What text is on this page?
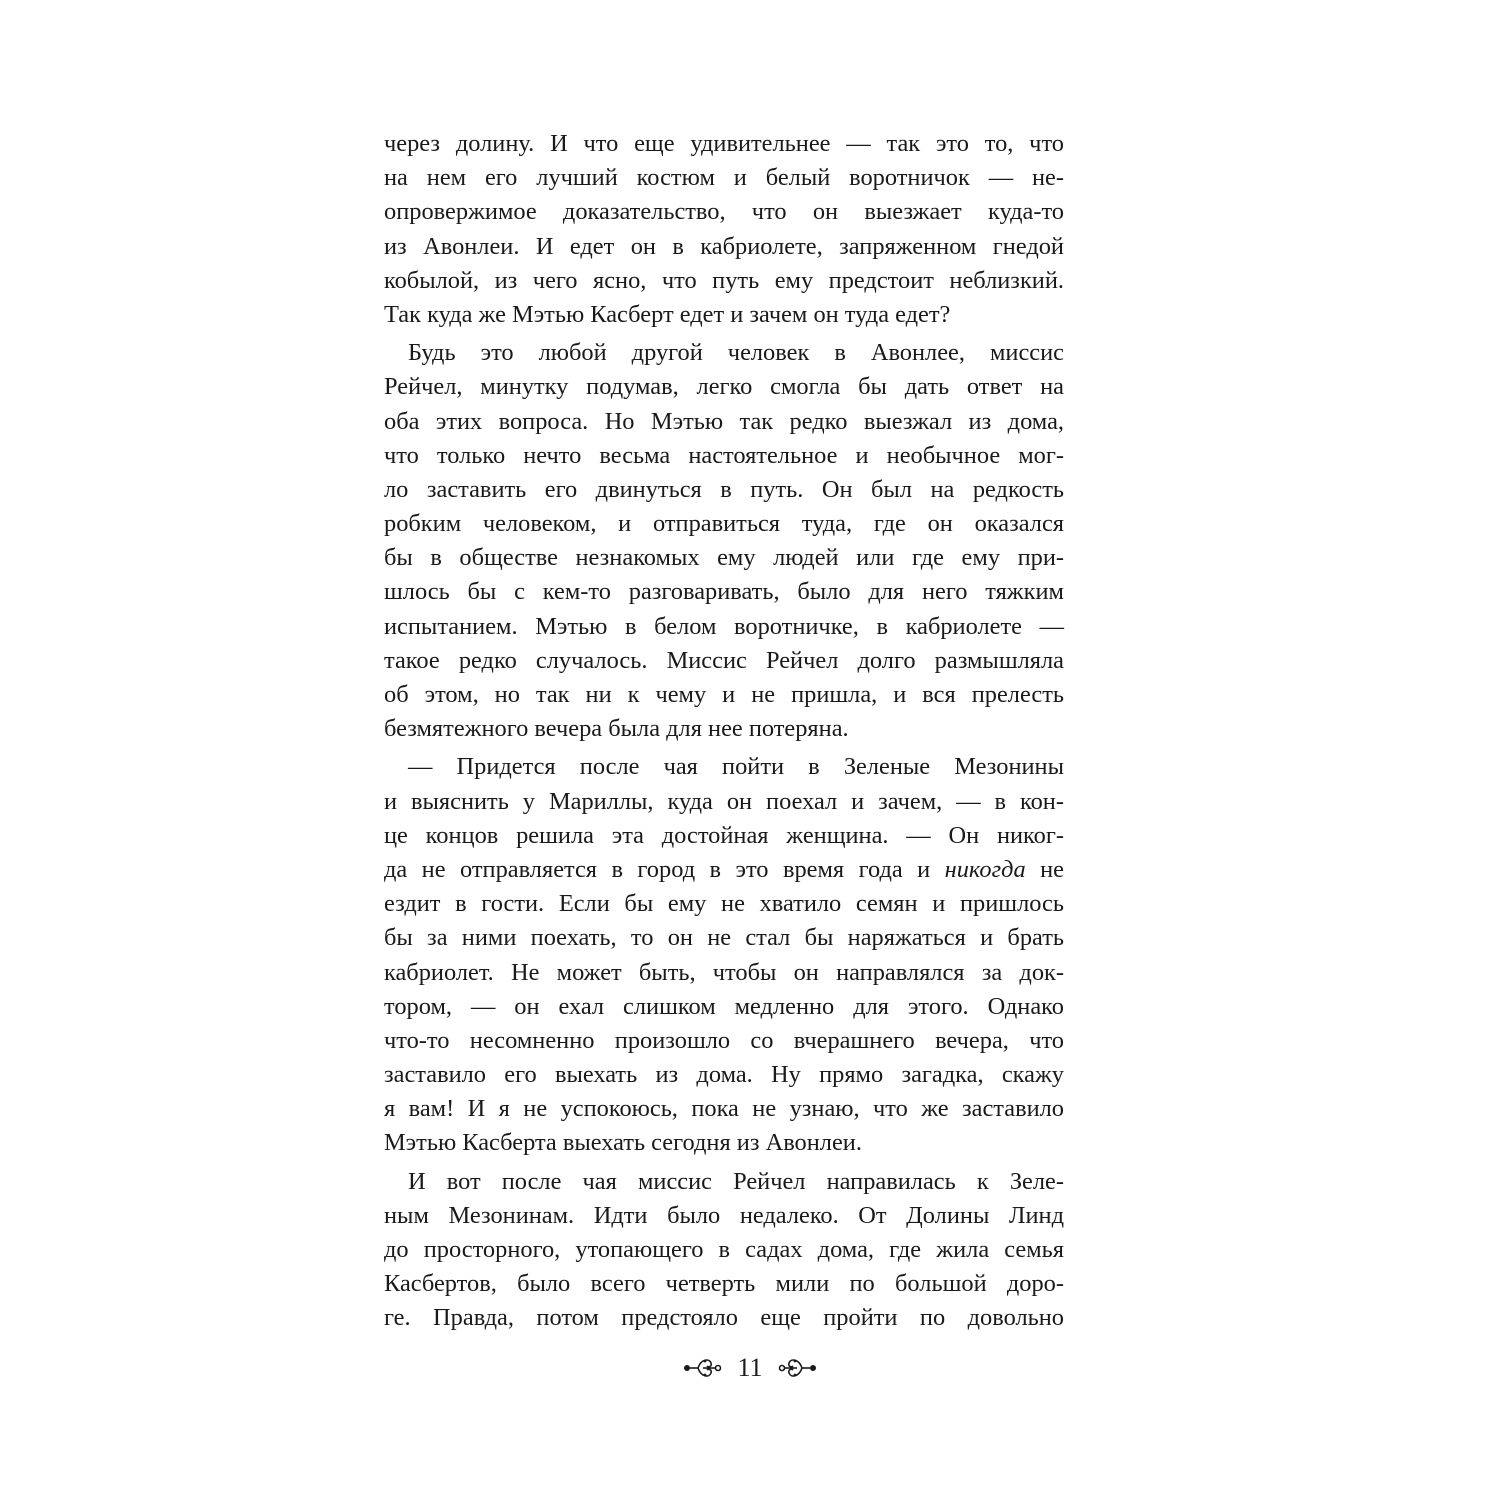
через долину. И что еще удивительнее — так это то, что
на нем его лучший костюм и белый воротничок — не-
опровержимое доказательство, что он выезжает куда-то
из Авонлеи. И едет он в кабриолете, запряженном гнедой
кобылой, из чего ясно, что путь ему предстоит неблизкий.
Так куда же Мэтью Касберт едет и зачем он туда едет?
Будь это любой другой человек в Авонлее, миссис
Рейчел, минутку подумав, легко смогла бы дать ответ на
оба этих вопроса. Но Мэтью так редко выезжал из дома,
что только нечто весьма настоятельное и необычное мог-
ло заставить его двинуться в путь. Он был на редкость
робким человеком, и отправиться туда, где он оказался
бы в обществе незнакомых ему людей или где ему при-
шлось бы с кем-то разговаривать, было для него тяжким
испытанием. Мэтью в белом воротничке, в кабриолете —
такое редко случалось. Миссис Рейчел долго размышляла
об этом, но так ни к чему и не пришла, и вся прелесть
безмятежного вечера была для нее потеряна.
— Придется после чая пойти в Зеленые Мезонины
и выяснить у Мариллы, куда он поехал и зачем, — в кон-
це концов решила эта достойная женщина. — Он никог-
да не отправляется в город в это время года и никогда не
ездит в гости. Если бы ему не хватило семян и пришлось
бы за ними поехать, то он не стал бы наряжаться и брать
кабриолет. Не может быть, чтобы он направлялся за док-
тором, — он ехал слишком медленно для этого. Однако
что-то несомненно произошло со вчерашнего вечера, что
заставило его выехать из дома. Ну прямо загадка, скажу
я вам! И я не успокоюсь, пока не узнаю, что же заставило
Мэтью Касберта выехать сегодня из Авонлеи.
И вот после чая миссис Рейчел направилась к Зеле-
ным Мезонинам. Идти было недалеко. От Долины Линд
до просторного, утопающего в садах дома, где жила семья
Касбертов, было всего четверть мили по большой доро-
ге. Правда, потом предстояло еще пройти по довольно
11
